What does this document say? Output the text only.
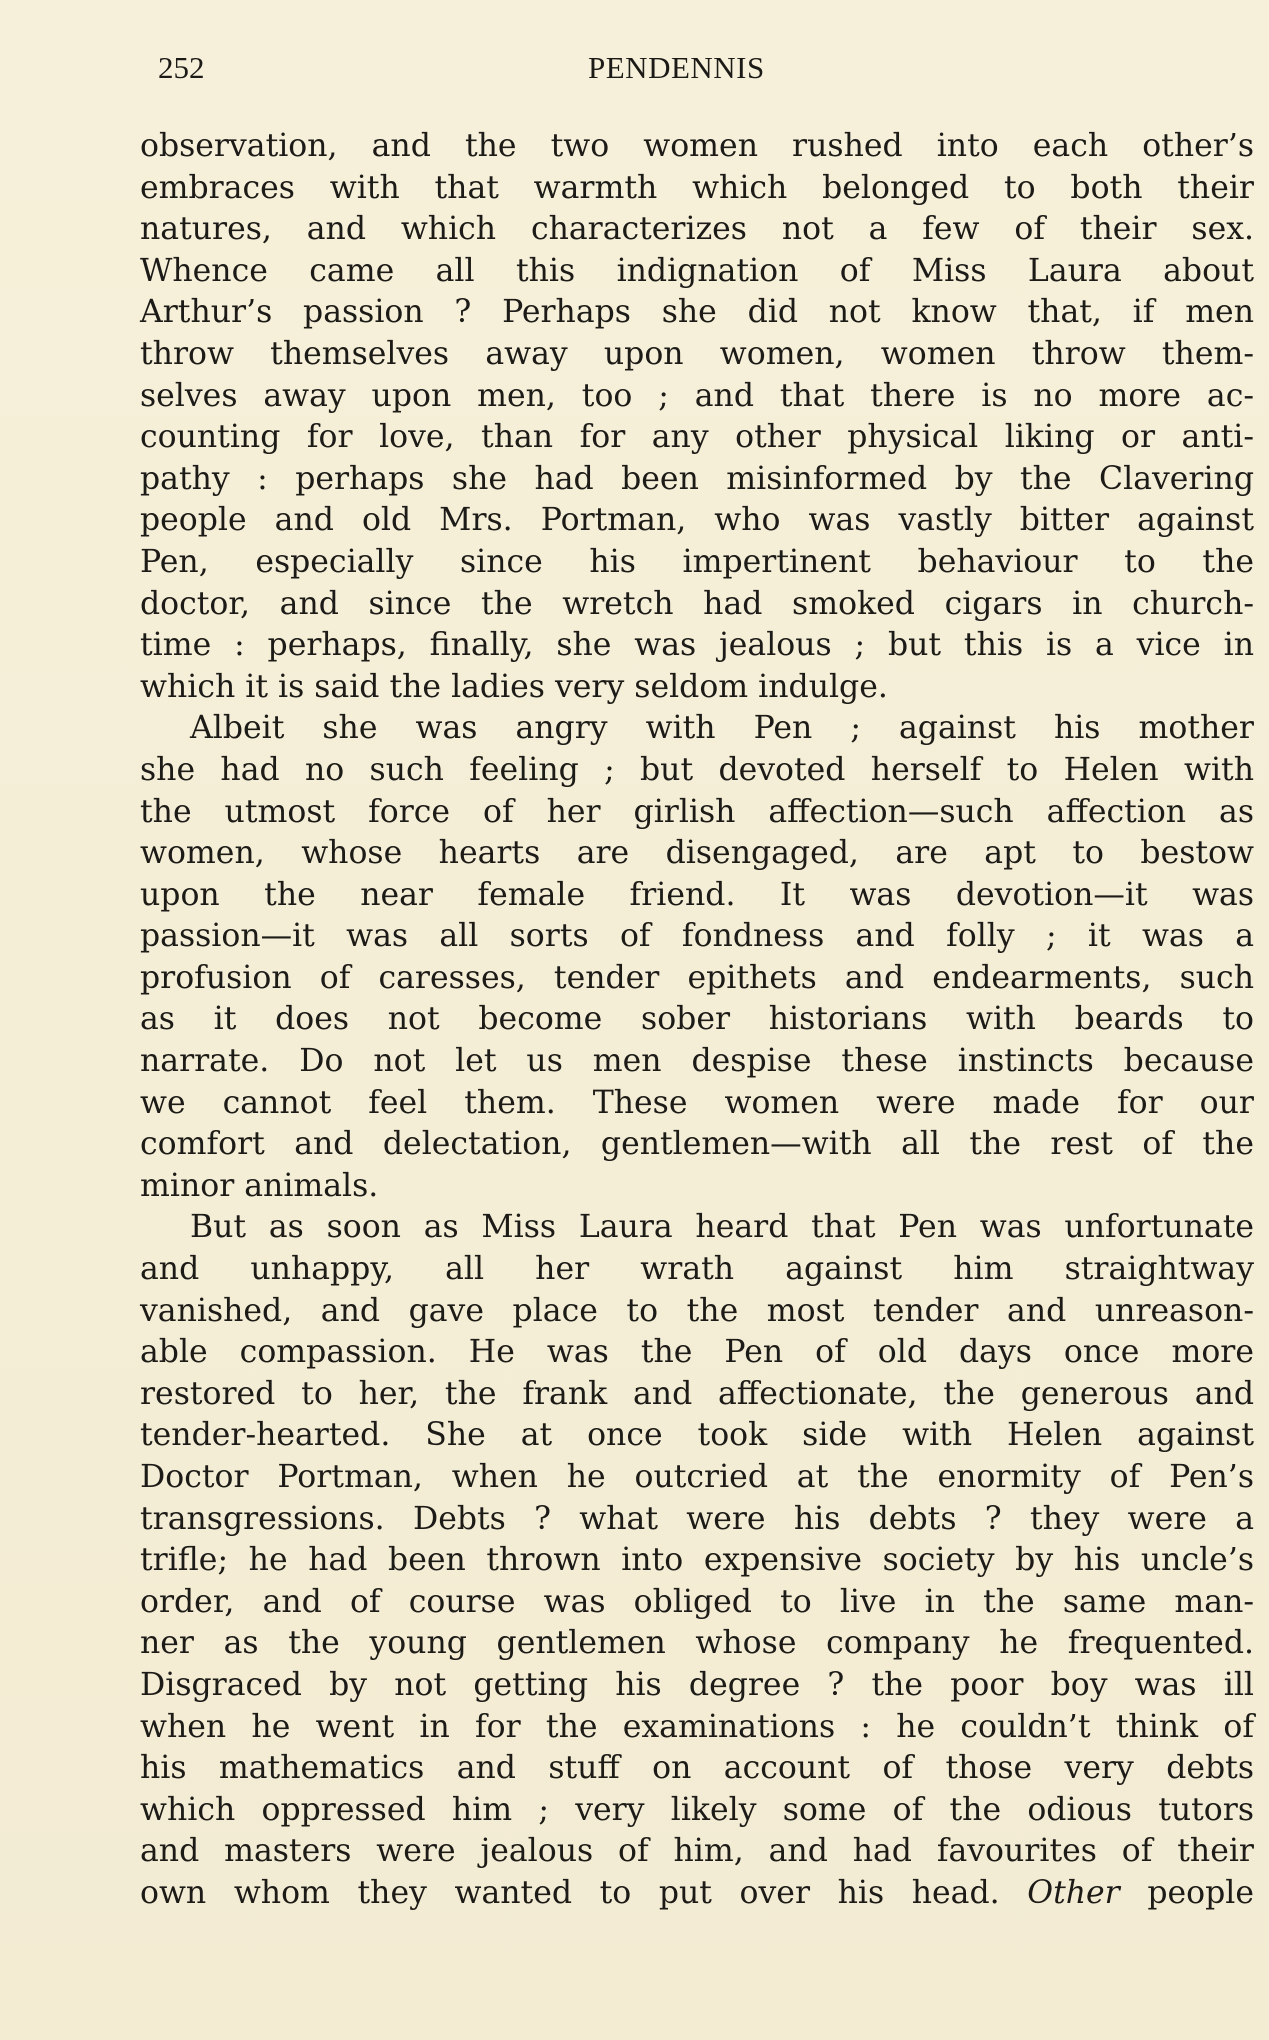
252	PENDENNIS
observation, and the two women rushed into each other’s
embraces with that warmth which belonged to both their
natures, and which characterizes not a few of their sex.
Whence came all this indignation of Miss Laura about
Arthur’s passion ? Perhaps she did not know that, if men
throw themselves away upon women, women throw them-
selves away upon men, too ; and that there is no more ac-
counting for love, than for any other physical liking or anti-
pathy : perhaps she had been misinformed by the Clavering
people and old Mrs. Portman, who was vastly bitter against
Pen, especially since his impertinent behaviour to the
doctor, and since the wretch had smoked cigars in church-
time : perhaps, finally, she was jealous ; but this is a vice in
which it is said the ladies very seldom indulge.
Albeit she was angry with Pen ; against his mother
she had no such feeling ; but devoted herself to Helen with
the utmost force of her girlish affection—such affection as
women, whose hearts are disengaged, are apt to bestow
upon the near female friend. It was devotion—it was
passion—it was all sorts of fondness and folly ; it was a
profusion of caresses, tender epithets and endearments, such
as it does not become sober historians with beards to
narrate. Do not let us men despise these instincts because
we cannot feel them. These women were made for our
comfort and delectation, gentlemen—with all the rest of the
minor animals.
But as soon as Miss Laura heard that Pen was unfortunate
and unhappy, all her wrath against him straightway
vanished, and gave place to the most tender and unreason-
able compassion. He was the Pen of old days once more
restored to her, the frank and affectionate, the generous and
tender-hearted. She at once took side with Helen against
Doctor Portman, when he outcried at the enormity of Pen’s
transgressions. Debts ? what were his debts ? they were a
trifle; he had been thrown into expensive society by his uncle’s
order, and of course was obliged to live in the same man-
ner as the young gentlemen whose company he frequented.
Disgraced by not getting his degree ? the poor boy was ill
when he went in for the examinations : he couldn’t think of
his mathematics and stuff on account of those very debts
which oppressed him ; very likely some of the odious tutors
and masters were jealous of him, and had favourites of their
own whom they wanted to put over his head. Other people
